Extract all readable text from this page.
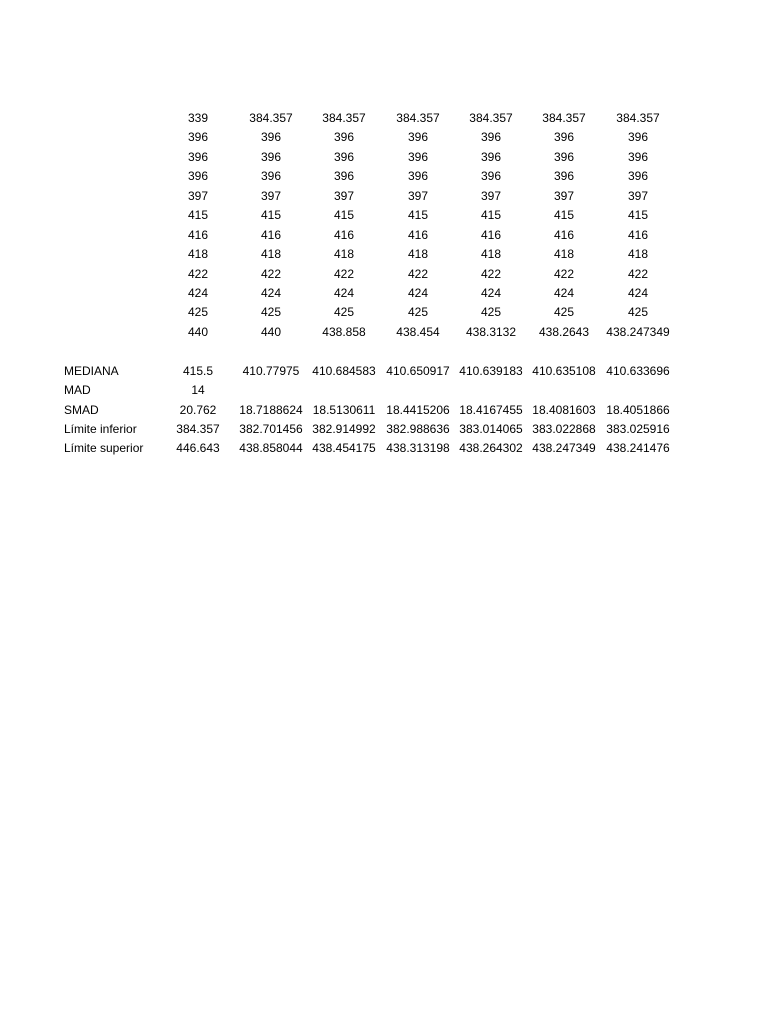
339	384.357	384.357	384.357	384.357	384.357	384.357
396	396	396	396	396	396	396
396	396	396	396	396	396	396
396	396	396	396	396	396	396
397	397	397	397	397	397	397
415	415	415	415	415	415	415
416	416	416	416	416	416	416
418	418	418	418	418	418	418
422	422	422	422	422	422	422
424	424	424	424	424	424	424
425	425	425	425	425	425	425
440	440	438.858	438.454	438.3132	438.2643	438.247349
MEDIANA	415.5	410.77975	410.684583 410.650917 410.639183 410.635108 410.633696
MAD	14
SMAD	20.762	18.7188624 18.5130611 18.4415206 18.4167455 18.4081603 18.4051866
Límite inferior	384.357	382.701456 382.914992 382.988636 383.014065 383.022868 383.025916
Límite superior	446.643	438.858044 438.454175 438.313198 438.264302 438.247349 438.241476
